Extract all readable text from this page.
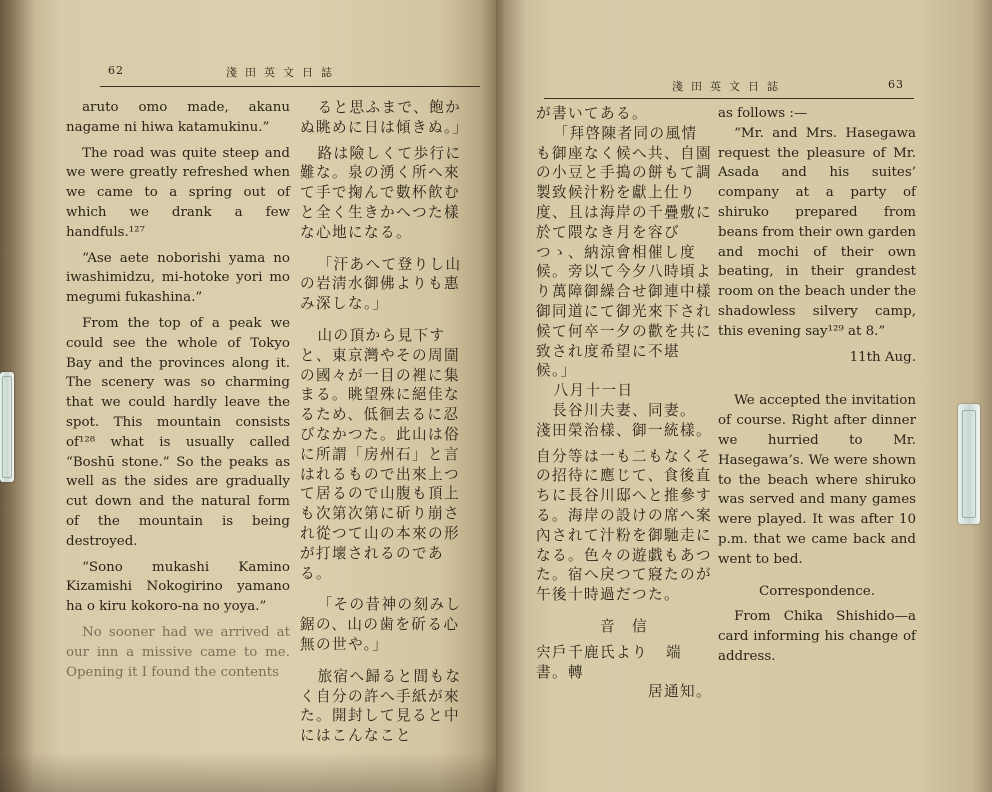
62	淺田英文日誌

aruto omo made, akanu nagame ni hiwa katamukinu.”

The road was quite steep and we were greatly refreshed when we came to a spring out of which we drank a few handfuls.¹²⁷

“Ase aete noborishi yama no iwashimidzu, mi-hotoke yori mo megumi fukashina.”

From the top of a peak we could see the whole of Tokyo Bay and the provinces along it. The scenery was so charming that we could hardly leave the spot. This mountain consists of¹²⁸ what is usually called “Boshū stone.” So the peaks as well as the sides are gradually cut down and the natural form of the mountain is being destroyed.

“Sono mukashi Kamino Kizamishi Nokogirino yamano ha o kiru kokoro-na no yoya.”

No sooner had we arrived at our inn a missive came to me. Opening it I found the contents

ると思ふまで、飽かぬ眺めに日は傾きぬ。」

路は險しくて歩行に難な。泉の湧く所へ來て手で掬んで數杯飮むと全く生きかへつた樣な心地になる。

「汗あへて登りし山の岩淸水御佛よりも惠み深しな。」

山の頂から見下すと、東京灣やその周圍の國々が一目の裡に集まる。眺望殊に絕佳なるため、低徊去るに忍びなかつた。此山は俗に所謂「房州石」と言はれるもので出來上つて居るので山腹も頂上も次第次第に斫り崩され從つて山の本來の形が打壞されるのである。

「その昔神の刻みし鋸の、山の歯を斫る心無の世や。」

旅宿へ歸ると間もなく自分の許へ手紙が來た。開封して見ると中にはこんなこと

淺田英文日誌	63

が書いてある。

「拜啓陳者同の風情も御座なく候へ共、自園の小豆と手搗の餅もて調製致候汁粉を獻上仕り度、且は海岸の千疊敷に於て隈なき月を容びつゝ、納涼會相催し度候。旁以て今夕八時頃より萬障御繰合せ御連中樣御同道にて御光來下され候て何卒一夕の歡を共に致され度希望に不堪候。」

八月十一日

長谷川夫妻、同妻。

淺田榮治樣、御一統樣。

自分等は一も二もなくその招待に應じて、食後直ちに長谷川邸へと推參する。海岸の設けの席へ案內されて汁粉を御馳走になる。色々の遊戯もあつた。宿へ戾つて寢たのが午後十時過だつた。

音　信

宍戶千鹿氏より 端書。轉

居通知。

as follows :—

“Mr. and Mrs. Hasegawa request the pleasure of Mr. Asada and his suites’ company at a party of shiruko prepared from beans from their own garden and mochi of their own beating, in their grandest room on the beach under the shadowless silvery camp, this evening say¹²⁹ at 8.”

11th Aug.

We accepted the invitation of course. Right after dinner we hurried to Mr. Hasegawa’s. We were shown to the beach where shiruko was served and many games were played. It was after 10 p.m. that we came back and went to bed.

Correspondence.

From Chika Shishido—a card informing his change of address.
